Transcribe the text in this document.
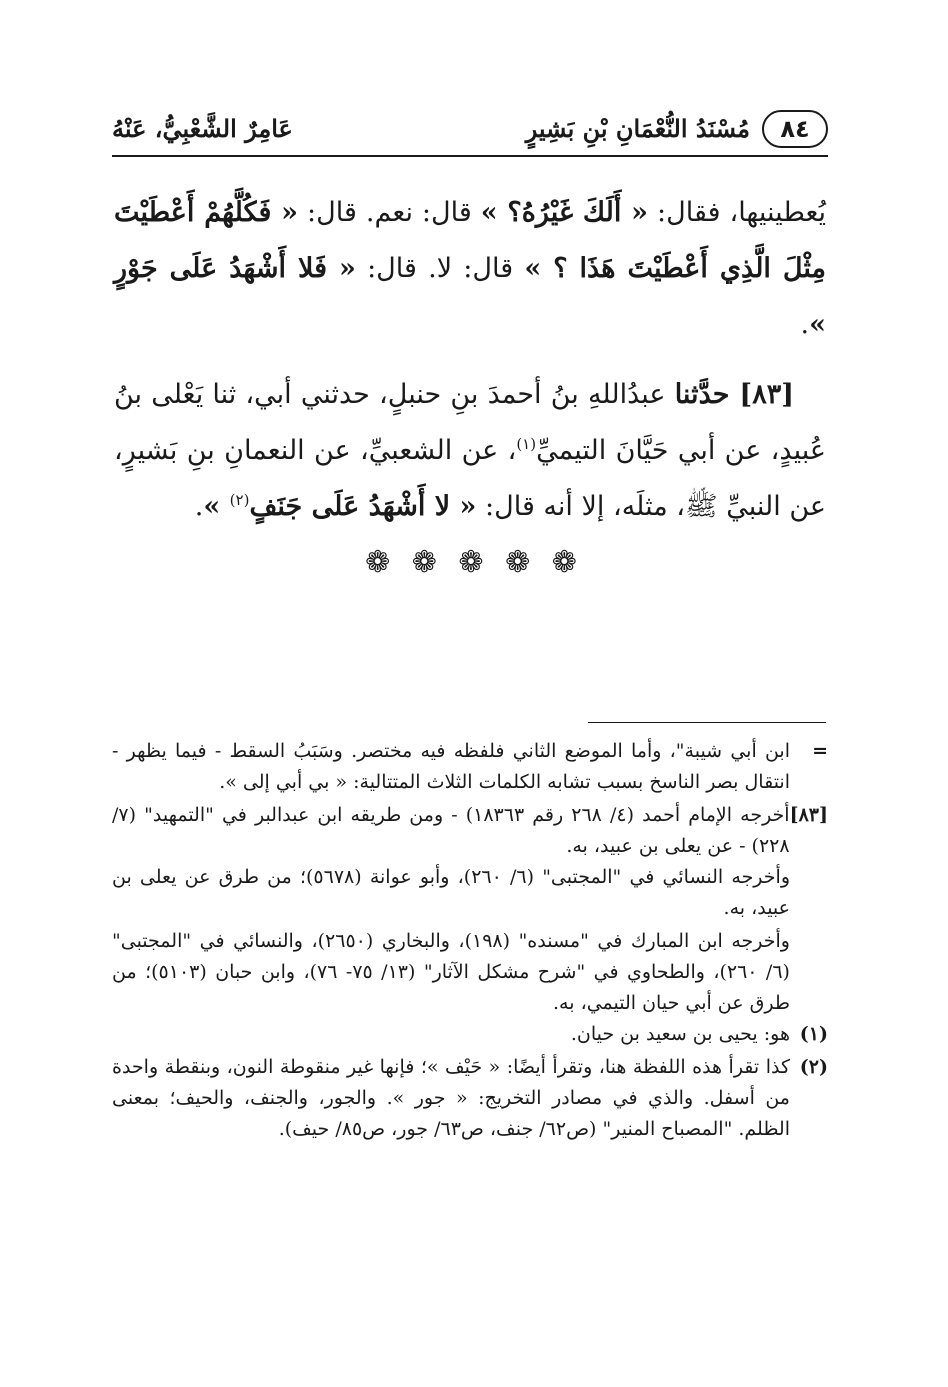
٨٤
مُسْنَدُ النُّعْمَانِ بْنِ بَشِيرٍ
عَامِرٌ الشَّعْبِيُّ، عَنْهُ

يُعطينيها، فقال: « أَلَكَ غَيْرُهُ؟ » قال: نعم. قال: « فَكُلَّهُمْ أَعْطَيْتَ مِثْلَ الَّذِي أَعْطَيْتَ هَذَا ؟ » قال: لا. قال: « فَلا أَشْهَدُ عَلَى جَوْرٍ ».

[٨٣] حدَّثنا عبدُاللهِ بنُ أحمدَ بنِ حنبلٍ، حدثني أبي، ثنا يَعْلى بنُ عُبيدٍ، عن أبي حَيَّانَ التيميِّ$^{(١)}$، عن الشعبيِّ، عن النعمانِ بنِ بَشيرٍ، عن النبيِّ ﷺ، مثلَه، إلا أنه قال: « لا أَشْهَدُ عَلَى جَنَفٍ$^{(٢)}$ ».

❁ ❁ ❁ ❁ ❁
=
ابن أبي شيبة"، وأما الموضع الثاني فلفظه فيه مختصر. وسَبَبُ السقط - فيما يظهر - انتقال بصر الناسخ بسبب تشابه الكلمات الثلاث المتتالية: « بي أبي إلى ».
[٨٣]
أخرجه الإمام أحمد (٤/ ٢٦٨ رقم ١٨٣٦٣) - ومن طريقه ابن عبدالبر في "التمهيد" (٧/ ٢٢٨) - عن يعلى بن عبيد، به.
وأخرجه النسائي في "المجتبى" (٦/ ٢٦٠)، وأبو عوانة (٥٦٧٨)؛ من طرق عن يعلى بن عبيد، به.
وأخرجه ابن المبارك في "مسنده" (١٩٨)، والبخاري (٢٦٥٠)، والنسائي في "المجتبى" (٦/ ٢٦٠)، والطحاوي في "شرح مشكل الآثار" (١٣/ ٧٥- ٧٦)، وابن حبان (٥١٠٣)؛ من طرق عن أبي حيان التيمي، به.
(١)
هو: يحيى بن سعيد بن حيان.
(٢)
كذا تقرأ هذه اللفظة هنا، وتقرأ أيضًا: « حَيْف »؛ فإنها غير منقوطة النون، وبنقطة واحدة من أسفل. والذي في مصادر التخريج: « جور ». والجور، والجنف، والحيف؛ بمعنى الظلم. "المصباح المنير" (ص٦٢/ جنف، ص٦٣/ جور، ص٨٥/ حيف).
